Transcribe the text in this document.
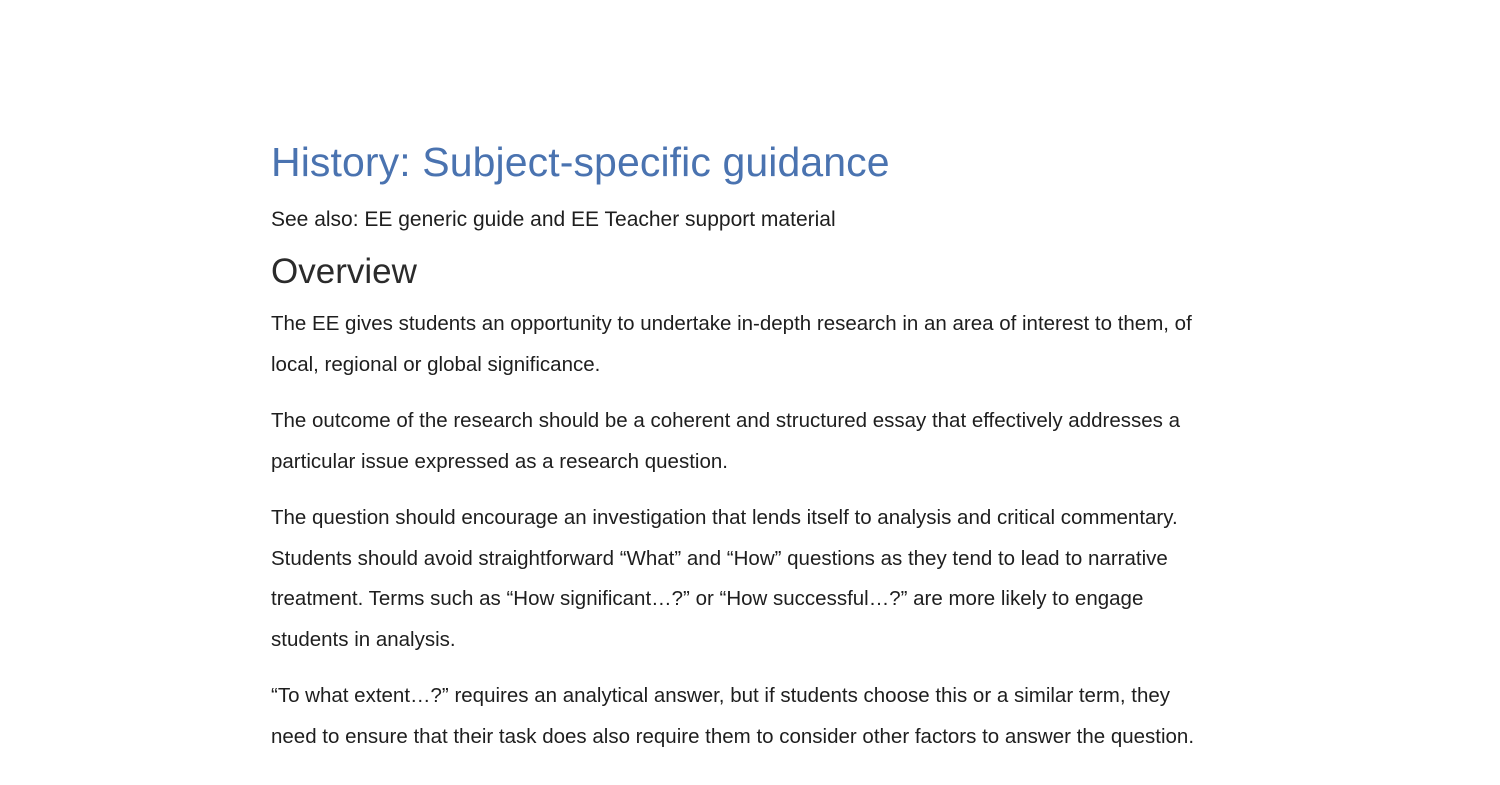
History: Subject-specific guidance

See also: EE generic guide and EE Teacher support material

Overview

The EE gives students an opportunity to undertake in-depth research in an area of interest to them, of local, regional or global significance.

The outcome of the research should be a coherent and structured essay that effectively addresses a particular issue expressed as a research question.

The question should encourage an investigation that lends itself to analysis and critical commentary. Students should avoid straightforward “What” and “How” questions as they tend to lead to narrative treatment. Terms such as “How significant…?” or “How successful…?” are more likely to engage students in analysis.

“To what extent…?” requires an analytical answer, but if students choose this or a similar term, they need to ensure that their task does also require them to consider other factors to answer the question.
